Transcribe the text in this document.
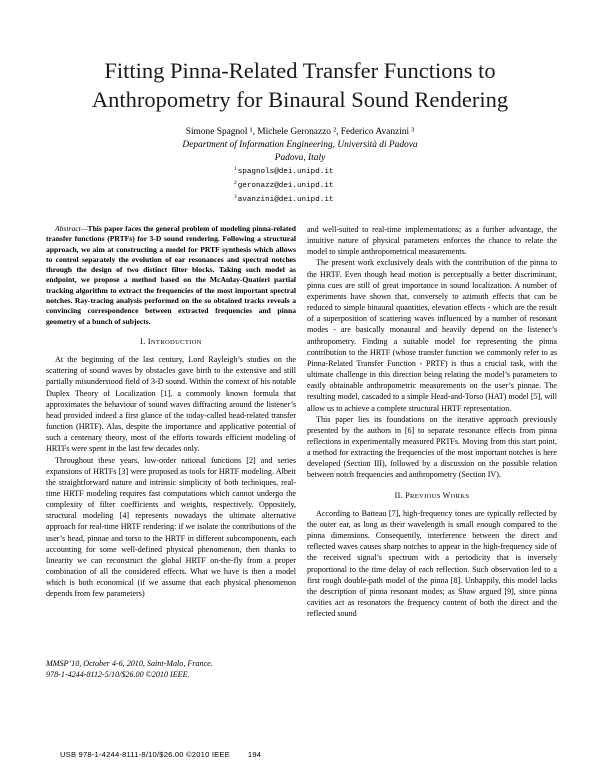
Fitting Pinna-Related Transfer Functions to
Anthropometry for Binaural Sound Rendering
Simone Spagnol ¹, Michele Geronazzo ², Federico Avanzini ³
Department of Information Engineering, Università di Padova
Padova, Italy
$^1$spagnols@dei.unipd.it
$^2$geronazz@dei.unipd.it
$^3$avanzini@dei.unipd.it

Abstract—This paper faces the general problem of modeling pinna-related transfer functions (PRTFs) for 3-D sound rendering. Following a structural approach, we aim at constructing a model for PRTF synthesis which allows to control separately the evolution of ear resonances and spectral notches through the design of two distinct filter blocks. Taking such model as endpoint, we propose a method based on the McAulay-Quatieri partial tracking algorithm to extract the frequencies of the most important spectral notches. Ray-tracing analysis performed on the so obtained tracks reveals a convincing correspondence between extracted frequencies and pinna geometry of a bunch of subjects.

I. INTRODUCTION

At the beginning of the last century, Lord Rayleigh’s studies on the scattering of sound waves by obstacles gave birth to the extensive and still partially misunderstood field of 3-D sound. Within the context of his notable Duplex Theory of Localization [1], a commonly known formula that approximates the behaviour of sound waves diffracting around the listener’s head provided indeed a first glance of the today-called head-related transfer function (HRTF). Alas, despite the importance and applicative potential of such a centenary theory, most of the efforts towards efficient modeling of HRTFs were spent in the last few decades only.

Throughout these years, low-order rational functions [2] and series expansions of HRTFs [3] were proposed as tools for HRTF modeling. Albeit the straightforward nature and intrinsic simplicity of both techniques, real-time HRTF modeling requires fast computations which cannot undergo the complexity of filter coefficients and weights, respectively. Oppositely, structural modeling [4] represents nowadays the ultimate alternative approach for real-time HRTF rendering: if we isolate the contributions of the user’s head, pinnae and torso to the HRTF in different subcomponents, each accounting for some well-defined physical phenomenon, then thanks to linearity we can reconstruct the global HRTF on-the-fly from a proper combination of all the considered effects. What we have is then a model which is both economical (if we assume that each physical phenomenon depends from few parameters)

MMSP’10, October 4-6, 2010, Saint-Malo, France.
978-1-4244-8112-5/10/$26.00 ©2010 IEEE.

and well-suited to real-time implementations; as a further advantage, the intuitive nature of physical parameters enforces the chance to relate the model to simple anthropometrical measurements.

The present work exclusively deals with the contribution of the pinna to the HRTF. Even though head motion is perceptually a better discriminant, pinna cues are still of great importance in sound localization. A number of experiments have shown that, conversely to azimuth effects that can be reduced to simple binaural quantities, elevation effects - which are the result of a superposition of scattering waves influenced by a number of resonant modes - are basically monaural and heavily depend on the listener’s anthropometry. Finding a suitable model for representing the pinna contribution to the HRTF (whose transfer function we commonly refer to as Pinna-Related Transfer Function - PRTF) is thus a crucial task, with the ultimate challenge in this direction being relating the model’s parameters to easily obtainable anthropometric measurements on the user’s pinnae. The resulting model, cascaded to a simple Head-and-Torso (HAT) model [5], will allow us to achieve a complete structural HRTF representation.

This paper lies its foundations on the iterative approach previously presented by the authors in [6] to separate resonance effects from pinna reflections in experimentally measured PRTFs. Moving from this start point, a method for extracting the frequencies of the most important notches is here developed (Section III), followed by a discussion on the possible relation between notch frequencies and anthropometry (Section IV).

II. PREVIOUS WORKS

According to Batteau [7], high-frequency tones are typically reflected by the outer ear, as long as their wavelength is small enough compared to the pinna dimensions. Consequently, interference between the direct and reflected waves causes sharp notches to appear in the high-frequency side of the received signal’s spectrum with a periodicity that is inversely proportional to the time delay of each reflection. Such observation led to a first rough double-path model of the pinna [8]. Unhappily, this model lacks the description of pinna resonant modes; as Shaw argued [9], since pinna cavities act as resonators the frequency content of both the direct and the reflected sound

USB 978-1-4244-8111-8/10/$26.00 ©2010 IEEE 194
